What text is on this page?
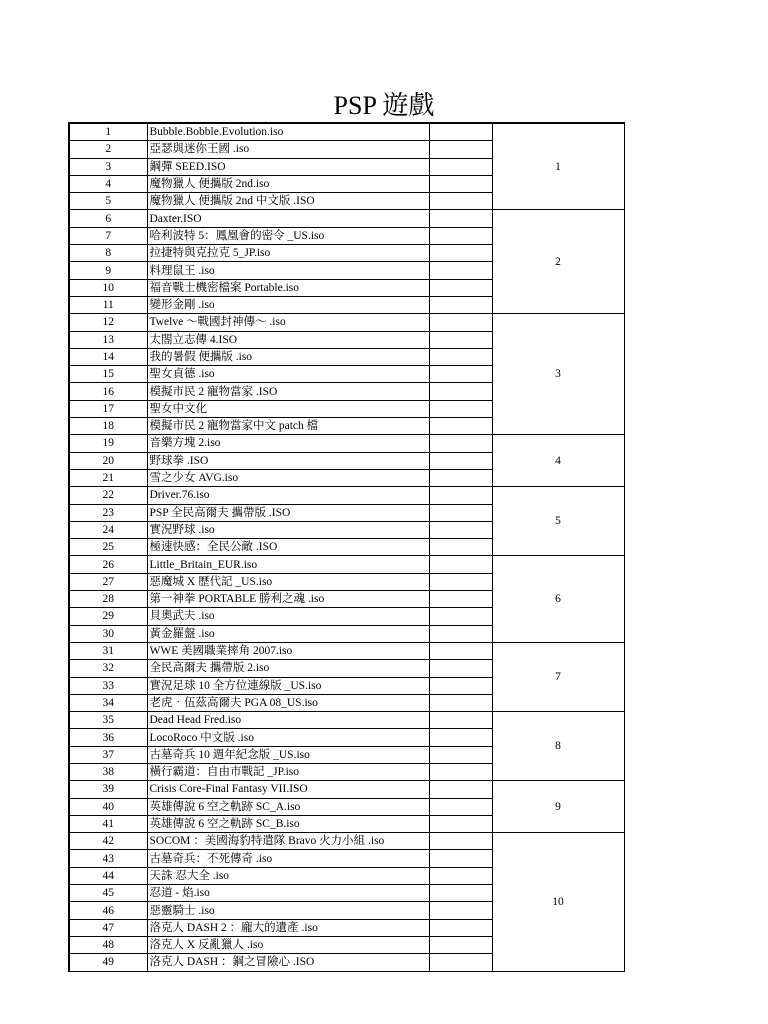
PSP 遊戲
1	Bubble.Bobble.Evolution.iso		1
2	亞瑟與迷你王國 .iso		
3	鋼彈 SEED.ISO		
4	魔物獵人 便攜版 2nd.iso		
5	魔物獵人 便攜版 2nd 中文版 .ISO		
6	Daxter.ISO		2
7	哈利波特 5：鳳凰會的密令 _US.iso		
8	拉捷特與克拉克 5_JP.iso		
9	料理鼠王 .iso		
10	福音戰士機密檔案 Portable.iso		
11	變形金剛 .iso		
12	Twelve ～戰國封神傳～ .iso		3
13	太閤立志傳 4.ISO		
14	我的暑假 便攜版 .iso		
15	聖女貞德 .iso		
16	模擬市民 2 寵物當家 .ISO		
17	聖女中文化		
18	模擬市民 2 寵物當家中文 patch 檔		
19	音樂方塊 2.iso		4
20	野球拳 .ISO		
21	雪之少女 AVG.iso		
22	Driver.76.iso		5
23	PSP 全民高爾夫 攜帶版 .ISO		
24	實況野球 .iso		
25	極速快感：全民公敵 .ISO		
26	Little_Britain_EUR.iso		6
27	惡魔城 X 歷代記 _US.iso		
28	第一神拳 PORTABLE 勝利之魂 .iso		
29	貝奧武夫 .iso		
30	黃金羅盤 .iso		
31	WWE 美國職業摔角 2007.iso		7
32	全民高爾夫 攜帶版 2.iso		
33	實況足球 10 全方位連線版 _US.iso		
34	老虎‧伍茲高爾夫 PGA 08_US.iso		
35	Dead Head Fred.iso		8
36	LocoRoco 中文版 .iso		
37	古墓奇兵 10 週年紀念版 _US.iso		
38	橫行霸道：自由市戰記 _JP.iso		
39	Crisis Core-Final Fantasy VII.ISO		9
40	英雄傳說 6 空之軌跡 SC_A.iso		
41	英雄傳說 6 空之軌跡 SC_B.iso		
42	SOCOM ：美國海豹特遣隊 Bravo 火力小組 .iso		10
43	古墓奇兵：不死傳奇 .iso		
44	天誅 忍大全 .iso		
45	忍道 - 焰.iso		
46	惡靈騎士 .iso		
47	洛克人 DASH 2 ：龐大的遺產 .iso		
48	洛克人 X 反亂獵人 .iso		
49	洛克人 DASH ：鋼之冒險心 .ISO		
